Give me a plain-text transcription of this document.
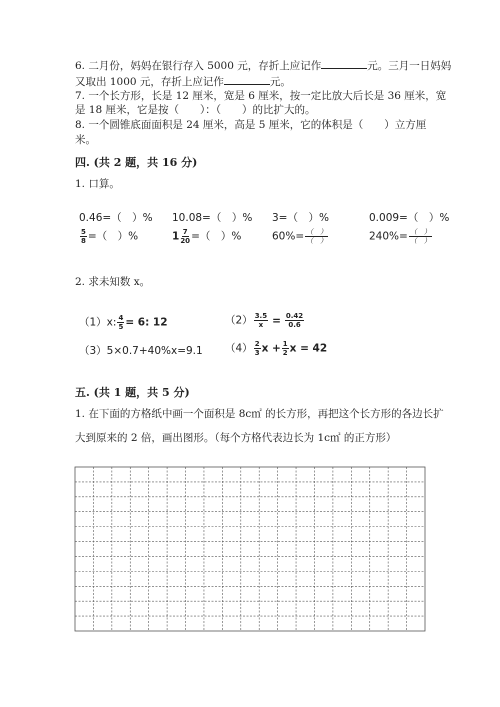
6. 二月份，妈妈在银行存入 5000 元，存折上应记作	元。三月一日妈妈
又取出 1000 元，存折上应记作	元。
7. 一个长方形，长是 12 厘米，宽是 6 厘米，按一定比放大后长是 36 厘米，宽
是 18 厘米，它是按（　　）：（　　）的比扩大的。
8. 一个圆锥底面面积是 24 厘米，高是 5 厘米，它的体积是（　　）立方厘
米。
四. (共 2 题，共 16 分)
1. 口算。
0.46=（　）% 10.08=（　）% 3=（　）%	0.009=（　）%
$\frac{5}{8}$ =（　）%	$1 \frac{7}{20}$ =（　）%	$60\%= \frac{( )}{( )}$	$240\%= \frac{( )}{( )}$
2. 求未知数 x。
（1）x: $\frac{4}{5} = 6$: 12	$(2) \frac{3.5}{x} = \frac{0.42}{0.6}$
（3）5×0.7+40%x=9.1 $(4) \frac{2}{3}$ $x + \frac{1}{2}$ x = 42
五. (共 1 题，共 5 分)
1. 在下面的方格纸中画一个面积是 8c㎡ 的长方形，再把这个长方形的各边长扩
大到原来的 2 倍，画出图形。（每个方格代表边长为 1c㎡ 的正方形）
